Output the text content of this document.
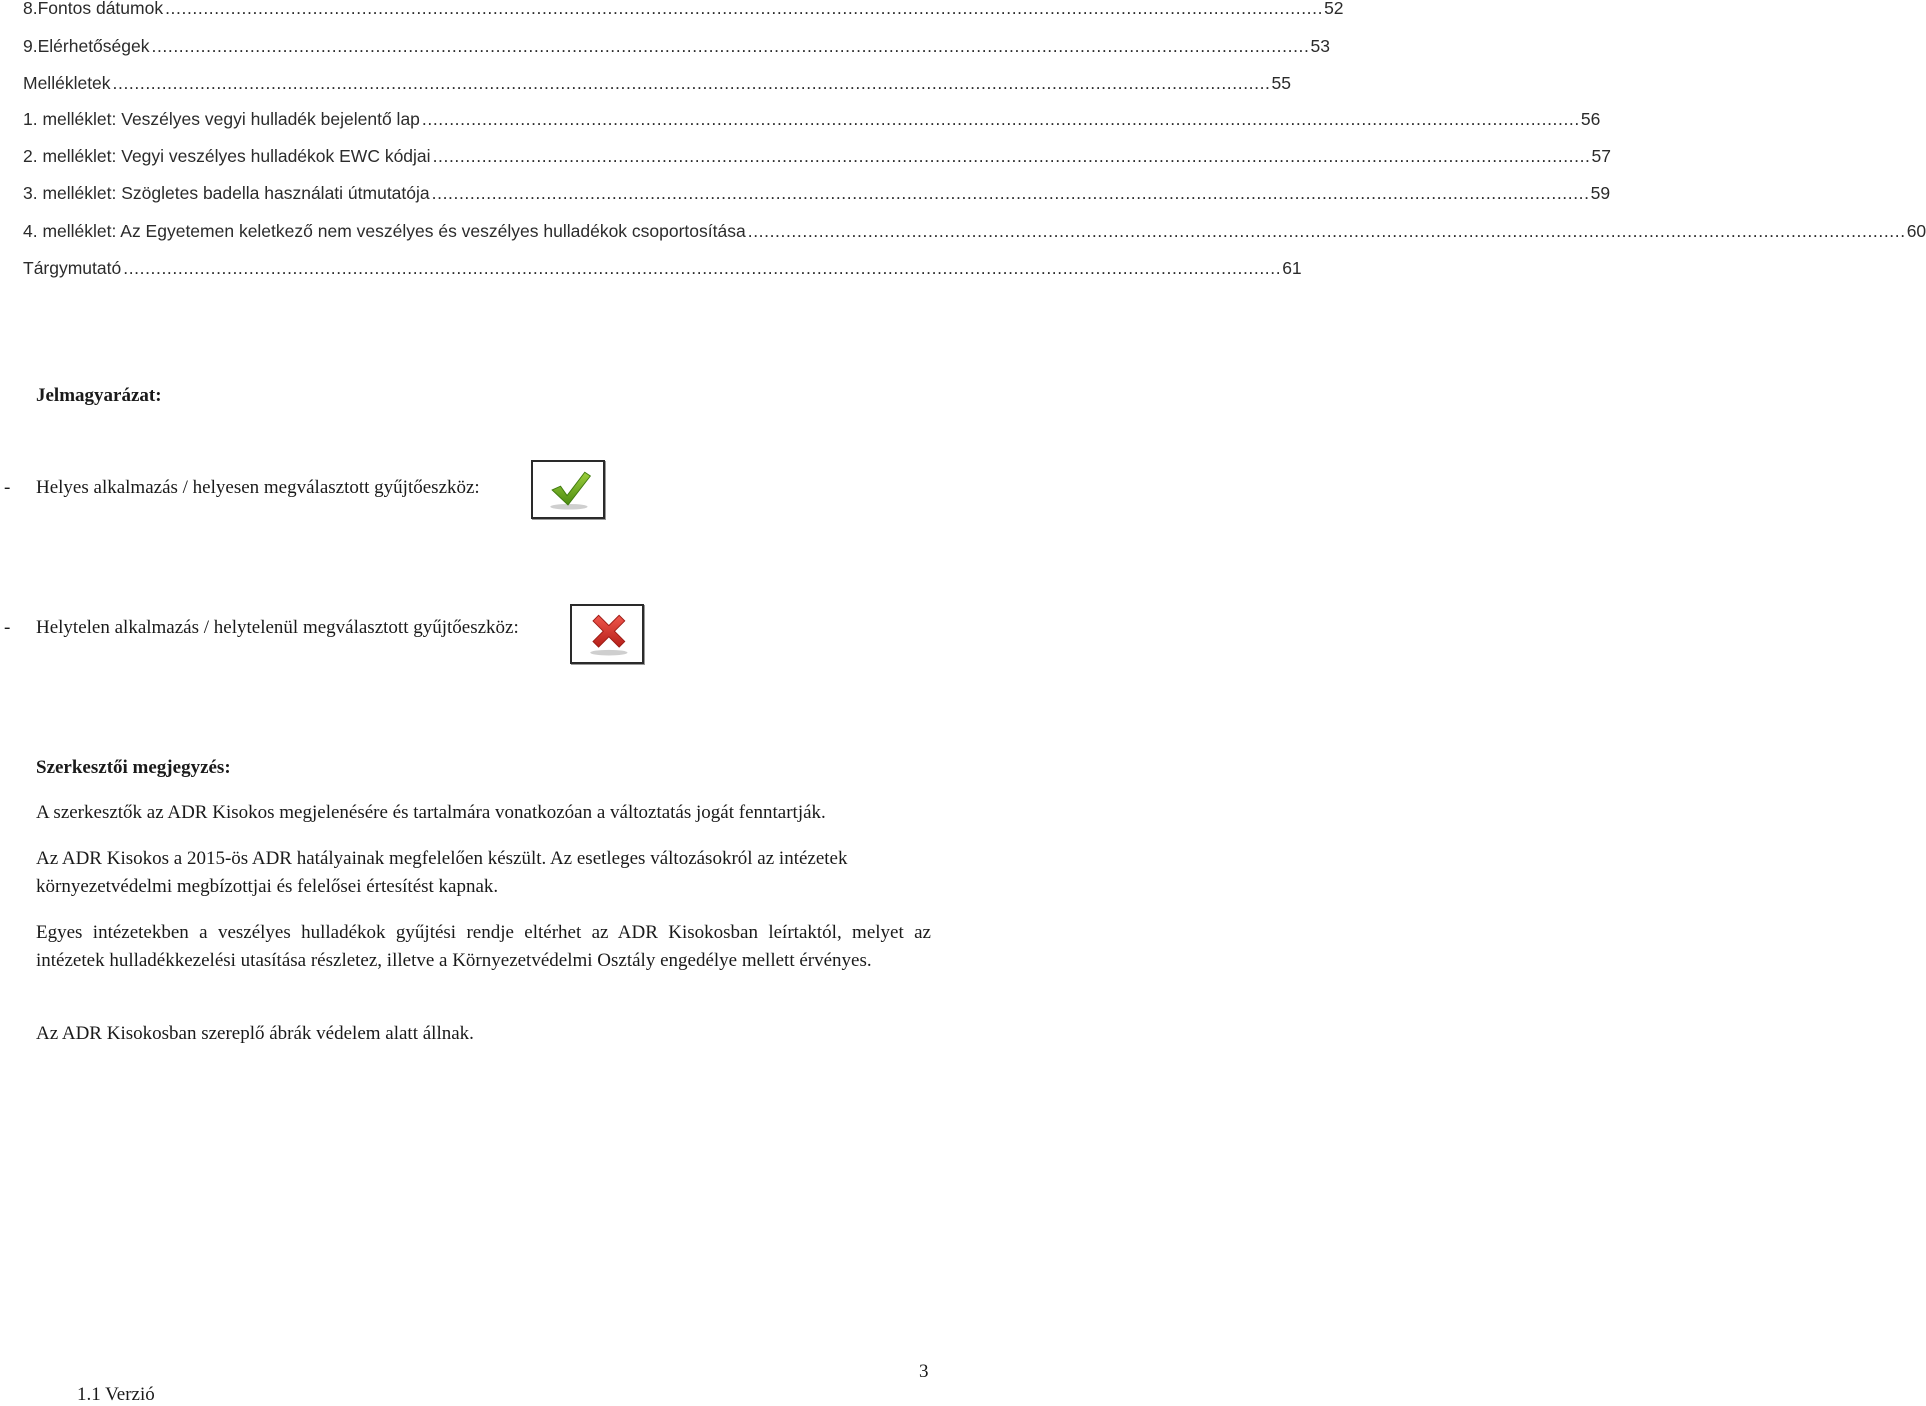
8. Fontos dátumok .................................................................................................................................................................................................................... 52
9. Elérhetőségek .................................................................................................................................................................................................................... 53
Mellékletek .................................................................................................................................................................................................................... 55
1. melléklet: Veszélyes vegyi hulladék bejelentő lap .................................................................................................................................................................................................................... 56
2. melléklet: Vegyi veszélyes hulladékok EWC kódjai .................................................................................................................................................................................................................... 57
3. melléklet: Szögletes badella használati útmutatója .................................................................................................................................................................................................................... 59
4. melléklet: Az Egyetemen keletkező nem veszélyes és veszélyes hulladékok csoportosítása .................................................................................................................................................................................................................... 60
Tárgymutató .................................................................................................................................................................................................................... 61
Jelmagyarázat:
-	Helyes alkalmazás / helyesen megválasztott gyűjtőeszköz:
-	Helytelen alkalmazás / helytelenül megválasztott gyűjtőeszköz:
Szerkesztői megjegyzés:
A szerkesztők az ADR Kisokos megjelenésére és tartalmára vonatkozóan a változtatás jogát fenntartják.
Az ADR Kisokos a 2015-ös ADR hatályainak megfelelően készült. Az esetleges változásokról az intézetek környezetvédelmi megbízottjai és felelősei értesítést kapnak.
Egyes intézetekben a veszélyes hulladékok gyűjtési rendje eltérhet az ADR Kisokosban leírtaktól, melyet az intézetek hulladékkezelési utasítása részletez, illetve a Környezetvédelmi Osztály engedélye mellett érvényes.
Az ADR Kisokosban szereplő ábrák védelem alatt állnak.
3
1.1 Verzió
